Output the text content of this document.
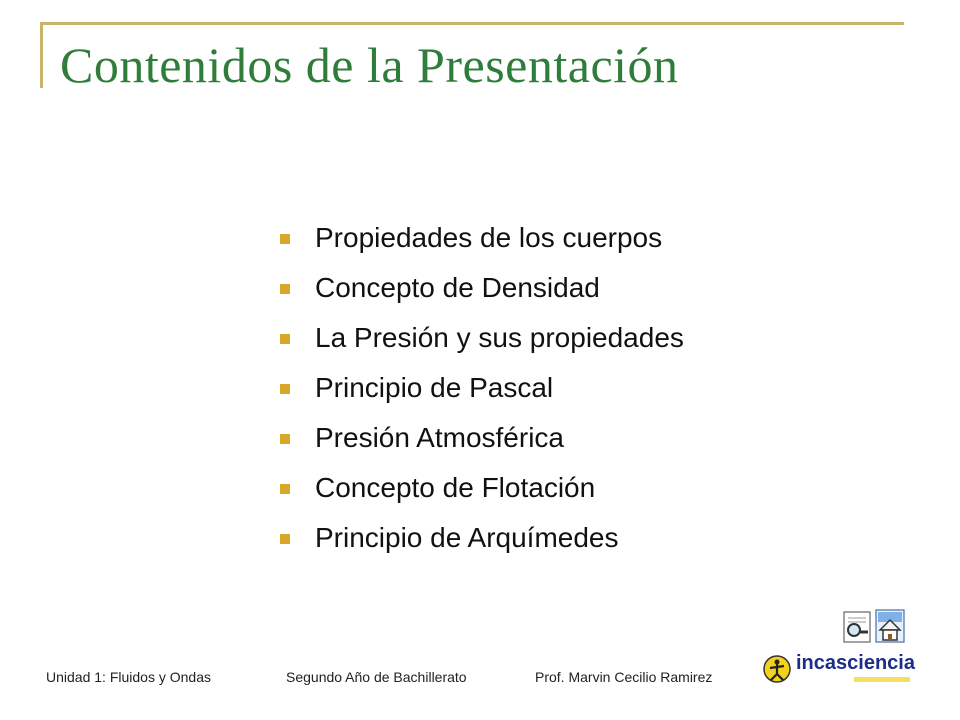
Contenidos de la Presentación
Propiedades de los cuerpos
Concepto de Densidad
La Presión y sus propiedades
Principio de Pascal
Presión Atmosférica
Concepto de Flotación
Principio de Arquímedes
Unidad 1: Fluidos y Ondas	Segundo Año de Bachillerato	Prof. Marvin Cecilio Ramirez
incasciencia
